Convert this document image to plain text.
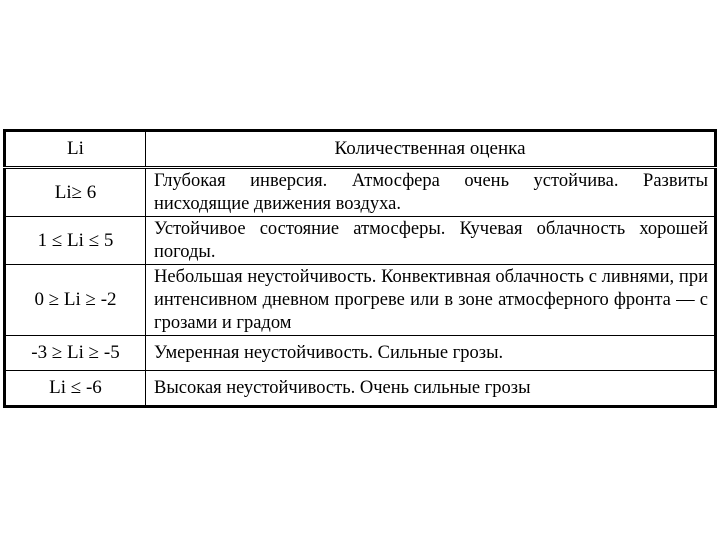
Li	Количественная оценка
Li≥ 6	Глубокая инверсия. Атмосфера очень устойчива. Развиты нисходящие движения воздуха.
1 ≤ Li ≤ 5	Устойчивое состояние атмосферы. Кучевая облачность хорошей погоды.
0 ≥ Li ≥ -2	Небольшая неустойчивость. Конвективная облачность с ливнями, при интенсивном дневном прогреве или в зоне атмосферного фронта — с грозами и градом
-3 ≥ Li ≥ -5	Умеренная неустойчивость. Сильные грозы.
Li ≤ -6	Высокая неустойчивость. Очень сильные грозы
